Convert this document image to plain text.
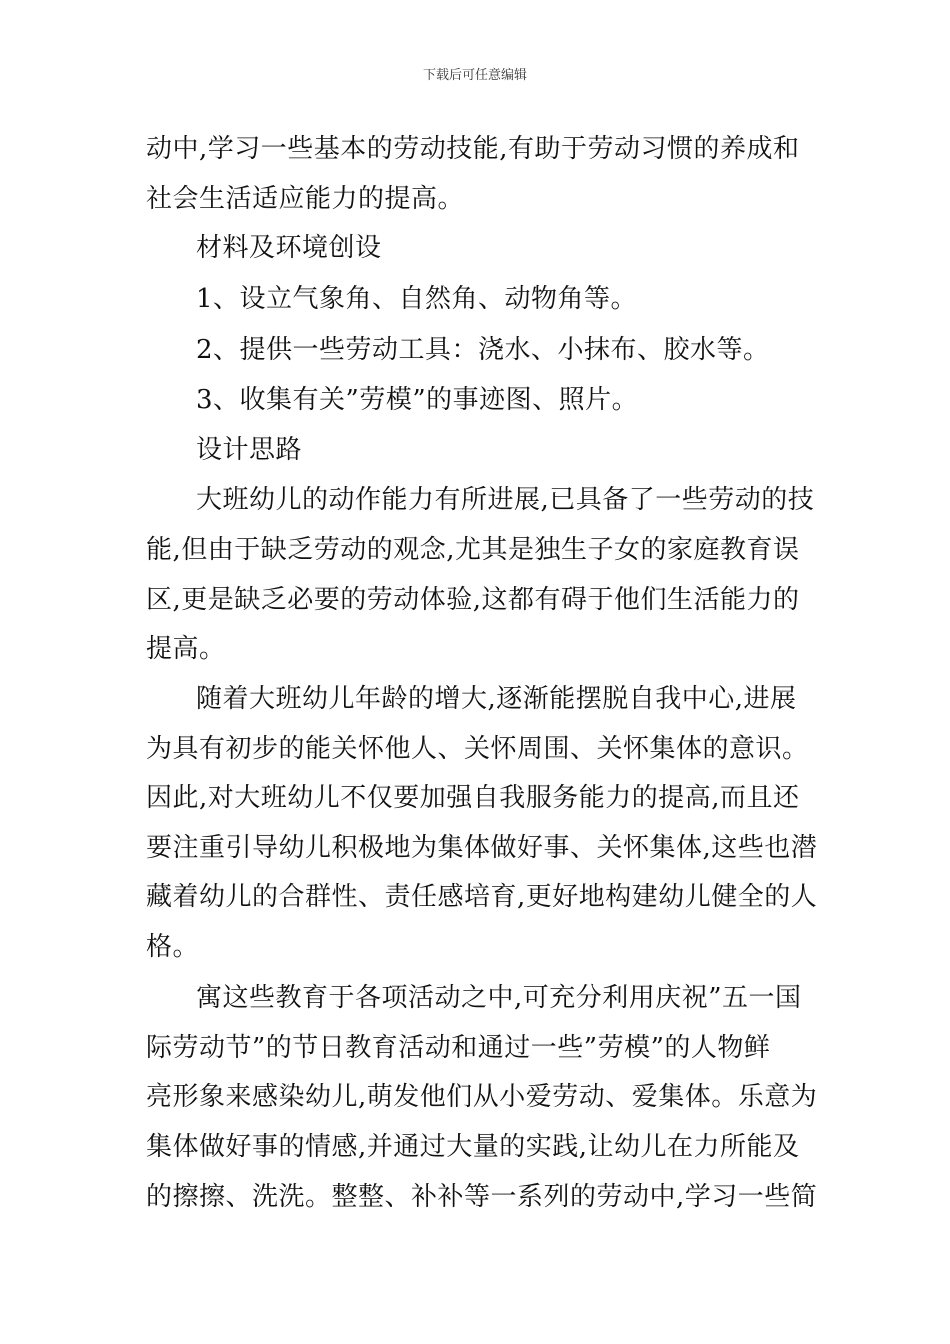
下载后可任意编辑
动中,学习一些基本的劳动技能,有助于劳动习惯的养成和
社会生活适应能力的提高。
材料及环境创设
1、设立气象角、自然角、动物角等。
2、提供一些劳动工具：浇水、小抹布、胶水等。
3、收集有关”劳模”的事迹图、照片。
设计思路
大班幼儿的动作能力有所进展,已具备了一些劳动的技
能,但由于缺乏劳动的观念,尤其是独生子女的家庭教育误
区,更是缺乏必要的劳动体验,这都有碍于他们生活能力的
提高。
随着大班幼儿年龄的增大,逐渐能摆脱自我中心,进展
为具有初步的能关怀他人、关怀周围、关怀集体的意识。
因此,对大班幼儿不仅要加强自我服务能力的提高,而且还
要注重引导幼儿积极地为集体做好事、关怀集体,这些也潜
藏着幼儿的合群性、责任感培育,更好地构建幼儿健全的人
格。
寓这些教育于各项活动之中,可充分利用庆祝”五一国
际劳动节”的节日教育活动和通过一些”劳模”的人物鲜
亮形象来感染幼儿,萌发他们从小爱劳动、爱集体。乐意为
集体做好事的情感,并通过大量的实践,让幼儿在力所能及
的擦擦、洗洗。整整、补补等一系列的劳动中,学习一些简
